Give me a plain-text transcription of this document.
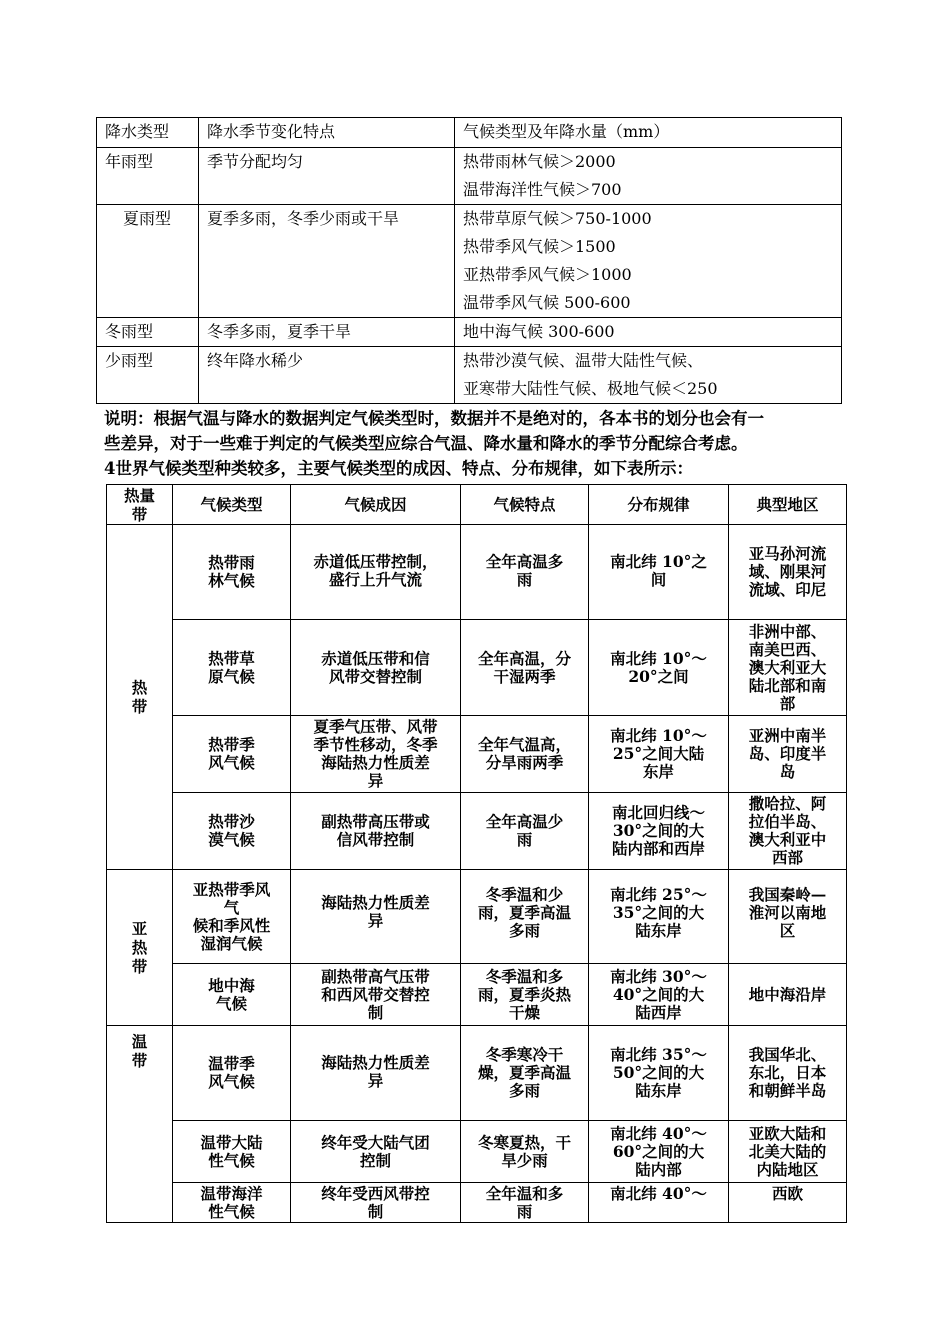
降水类型	降水季节变化特点	气候类型及年降水量（mm）
年雨型	季节分配均匀	热带雨林气候＞2000
温带海洋性气候＞700

夏雨型	夏季多雨，冬季少雨或干旱	热带草原气候＞750-1000
热带季风气候＞1500
亚热带季风气候＞1000
温带季风气候 500-600

冬雨型	冬季多雨，夏季干旱	地中海气候 300-600

少雨型	终年降水稀少	热带沙漠气候、温带大陆性气候、
亚寒带大陆性气候、极地气候＜250

说明：根据气温与降水的数据判定气候类型时，数据并不是绝对的，各本书的划分也会有一

些差异，对于一些难于判定的气候类型应综合气温、降水量和降水的季节分配综合考虑。

4世界气候类型种类较多，主要气候类型的成因、特点、分布规律，如下表所示：

热量
带	气候类型	气候成因	气候特点	分布规律	典型地区

热
带	热带雨
林气候	赤道低压带控制，
盛行上升气流	全年高温多
雨	南北纬 10°之
间	亚马孙河流
域、刚果河
流域、印尼
	热带草
原气候	赤道低压带和信
风带交替控制	全年高温，分
干湿两季	南北纬 10°～
20°之间	非洲中部、
南美巴西、
澳大利亚大
陆北部和南
部
	热带季
风气候	夏季气压带、风带
季节性移动，冬季
海陆热力性质差
异	全年气温高，
分旱雨两季	南北纬 10°～
25°之间大陆
东岸	亚洲中南半
岛、印度半
岛
	热带沙
漠气候	副热带高压带或
信风带控制	全年高温少
雨	南北回归线～
30°之间的大
陆内部和西岸	撒哈拉、阿
拉伯半岛、
澳大利亚中
西部

亚
热
带	亚热带季风
气
候和季风性
湿润气候	海陆热力性质差
异	冬季温和少
雨，夏季高温
多雨	南北纬 25°～
35°之间的大
陆东岸	我国秦岭—
淮河以南地
区
	地中海
气候	副热带高气压带
和西风带交替控
制	冬季温和多
雨，夏季炎热
干燥	南北纬 30°～
40°之间的大
陆西岸	地中海沿岸

温
带	温带季
风气候	海陆热力性质差
异	冬季寒冷干
燥，夏季高温
多雨	南北纬 35°～
50°之间的大
陆东岸	我国华北、
东北，日本
和朝鲜半岛
	温带大陆
性气候	终年受大陆气团
控制	冬寒夏热，干
旱少雨	南北纬 40°～
60°之间的大
陆内部	亚欧大陆和
北美大陆的
内陆地区
	温带海洋
性气候	终年受西风带控
制	全年温和多
雨	南北纬 40°～	西欧
